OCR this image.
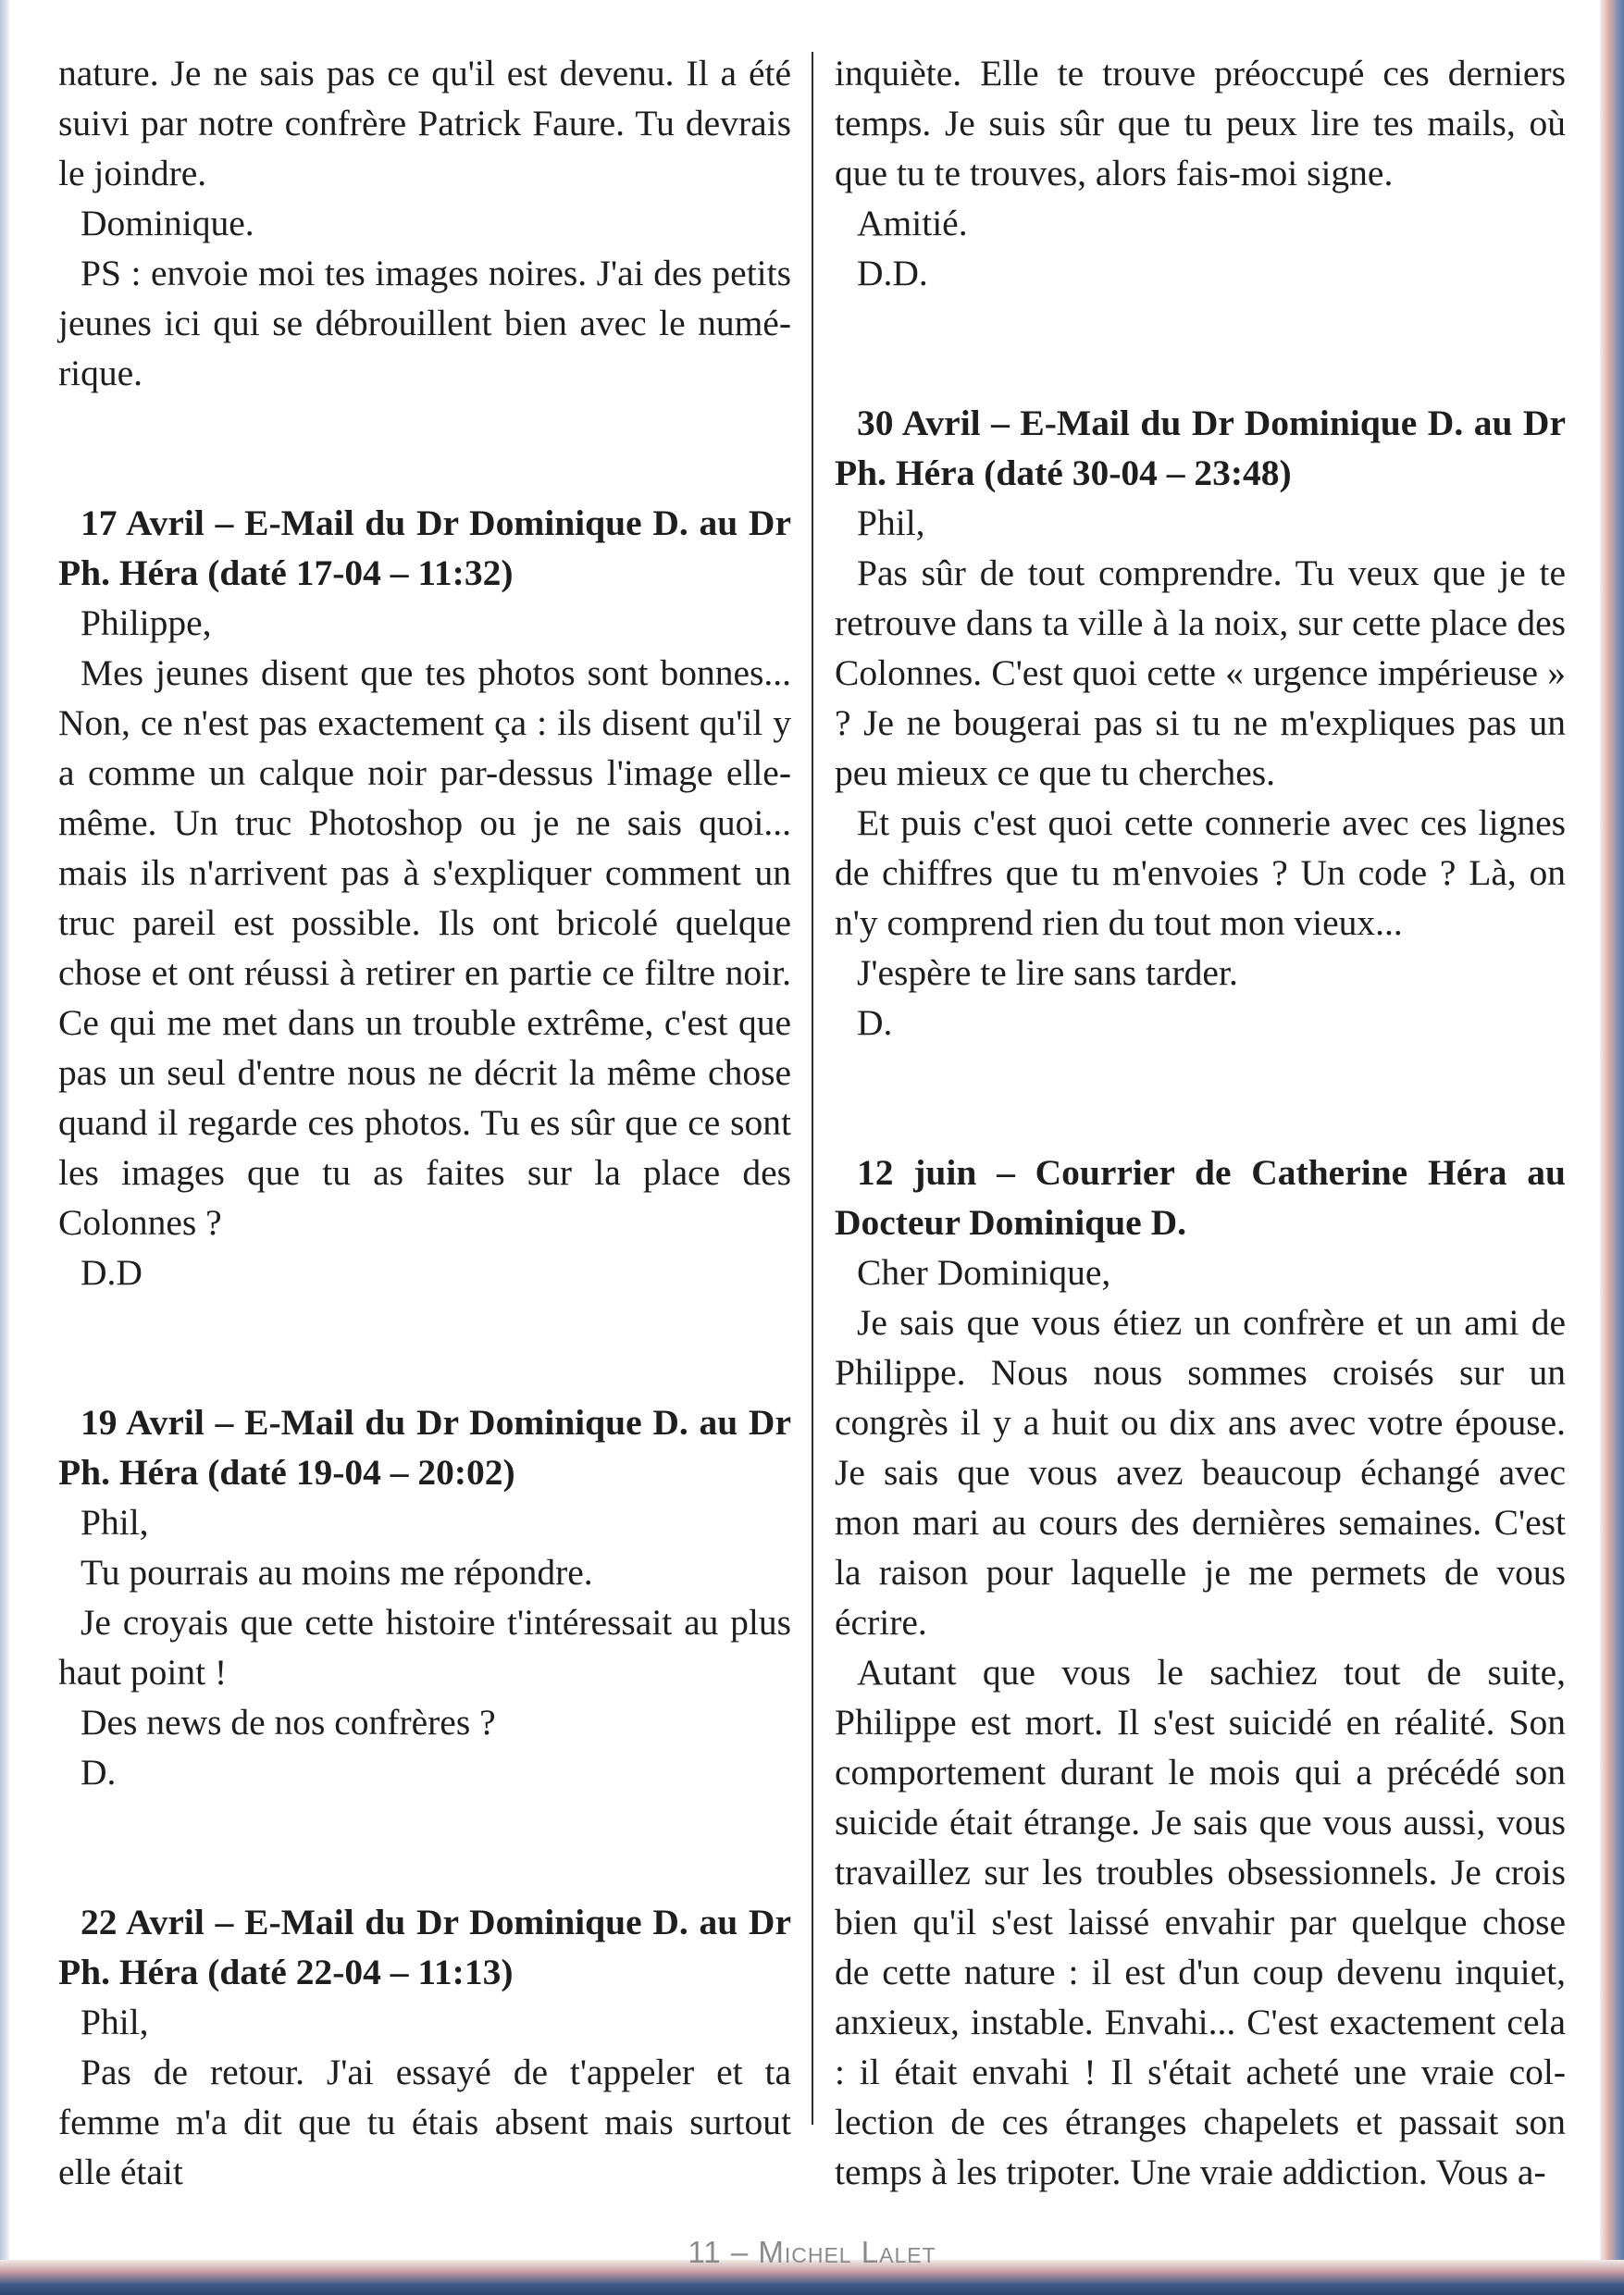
nature. Je ne sais pas ce qu'il est devenu. Il a été suivi par notre confrère Patrick Faure. Tu devrais le joindre.

Dominique.

PS : envoie moi tes images noires. J'ai des petits jeunes ici qui se débrouillent bien avec le numérique.

17 Avril – E-Mail du Dr Dominique D. au Dr Ph. Héra (daté 17-04 – 11:32)

Philippe,

Mes jeunes disent que tes photos sont bonnes... Non, ce n'est pas exactement ça : ils disent qu'il y a comme un calque noir par-dessus l'image elle-même. Un truc Photoshop ou je ne sais quoi... mais ils n'arrivent pas à s'expliquer comment un truc pareil est possible. Ils ont bricolé quelque chose et ont réussi à retirer en partie ce filtre noir. Ce qui me met dans un trouble extrême, c'est que pas un seul d'entre nous ne décrit la même chose quand il regarde ces photos. Tu es sûr que ce sont les images que tu as faites sur la place des Colonnes ?

D.D

19 Avril – E-Mail du Dr Dominique D. au Dr Ph. Héra (daté 19-04 – 20:02)

Phil,

Tu pourrais au moins me répondre.

Je croyais que cette histoire t'intéressait au plus haut point !

Des news de nos confrères ?

D.

22 Avril – E-Mail du Dr Dominique D. au Dr Ph. Héra (daté 22-04 – 11:13)

Phil,

Pas de retour. J'ai essayé de t'appeler et ta femme m'a dit que tu étais absent mais surtout elle était

inquiète. Elle te trouve préoccupé ces derniers temps. Je suis sûr que tu peux lire tes mails, où que tu te trouves, alors fais-moi signe.

Amitié.

D.D.

30 Avril – E-Mail du Dr Dominique D. au Dr Ph. Héra (daté 30-04 – 23:48)

Phil,

Pas sûr de tout comprendre. Tu veux que je te retrouve dans ta ville à la noix, sur cette place des Colonnes. C'est quoi cette « urgence impérieuse » ? Je ne bougerai pas si tu ne m'expliques pas un peu mieux ce que tu cherches.

Et puis c'est quoi cette connerie avec ces lignes de chiffres que tu m'envoies ? Un code ? Là, on n'y comprend rien du tout mon vieux...

J'espère te lire sans tarder.

D.

12 juin – Courrier de Catherine Héra au Docteur Dominique D.

Cher Dominique,

Je sais que vous étiez un confrère et un ami de Philippe. Nous nous sommes croisés sur un congrès il y a huit ou dix ans avec votre épouse. Je sais que vous avez beaucoup échangé avec mon mari au cours des dernières semaines. C'est la raison pour laquelle je me permets de vous écrire.

Autant que vous le sachiez tout de suite, Philippe est mort. Il s'est suicidé en réalité. Son comportement durant le mois qui a précédé son suicide était étrange. Je sais que vous aussi, vous travaillez sur les troubles obsessionnels. Je crois bien qu'il s'est laissé envahir par quelque chose de cette nature : il est d'un coup devenu inquiet, anxieux, instable. Envahi... C'est exactement cela : il était envahi ! Il s'était acheté une vraie collection de ces étranges chapelets et passait son temps à les tripoter. Une vraie addiction. Vous a-

11 – Michel Lalet
